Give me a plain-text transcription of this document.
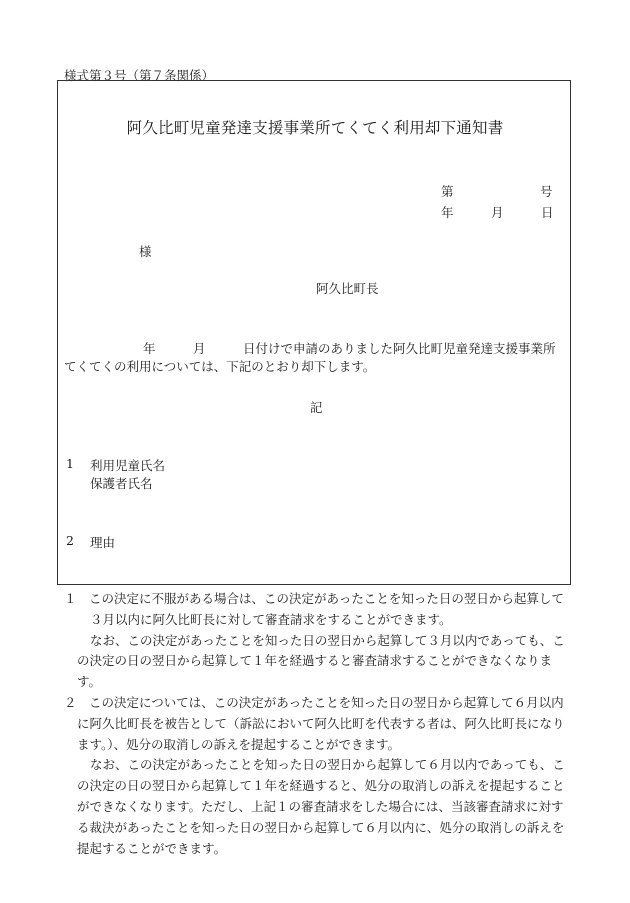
様式第３号（第７条関係）
阿久比町児童発達支援事業所てくてく利用却下通知書
第	号
年	月	日
様
阿久比町長
年	月	日付けで申請のありました阿久比町児童発達支援事業所
てくてくの利用については、下記のとおり却下します。
記
1 利用児童氏名
保護者氏名
2 理由
１　この決定に不服がある場合は、この決定があったことを知った日の翌日から起算して
３月以内に阿久比町長に対して審査請求をすることができます。
なお、この決定があったことを知った日の翌日から起算して３月以内であっても、こ
の決定の日の翌日から起算して１年を経過すると審査請求することができなくなりま
す。
２　この決定については、この決定があったことを知った日の翌日から起算して６月以内
に阿久比町長を被告として（訴訟において阿久比町を代表する者は、阿久比町長になり
ます。）、処分の取消しの訴えを提起することができます。
なお、この決定があったことを知った日の翌日から起算して６月以内であっても、こ
の決定の日の翌日から起算して１年を経過すると、処分の取消しの訴えを提起すること
ができなくなります。ただし、上記１の審査請求をした場合には、当該審査請求に対す
る裁決があったことを知った日の翌日から起算して６月以内に、処分の取消しの訴えを
提起することができます。
